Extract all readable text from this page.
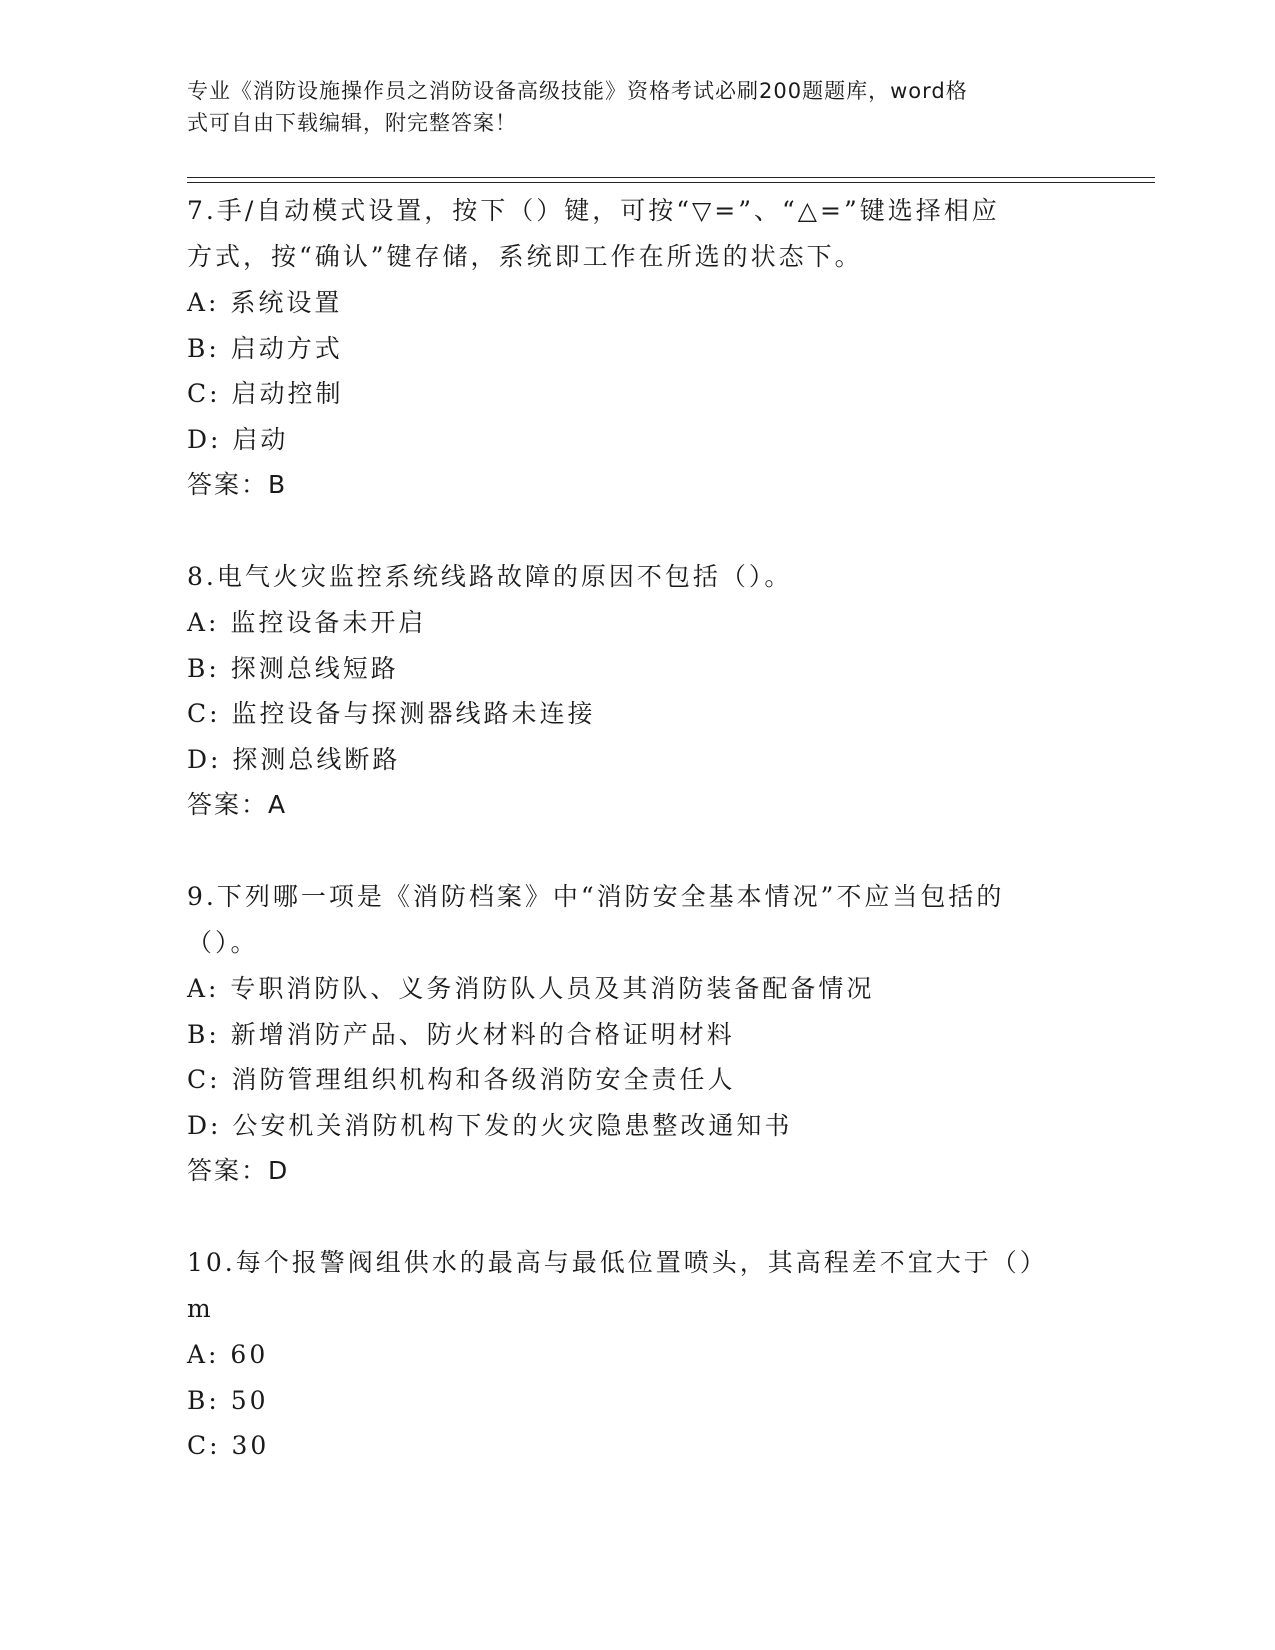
专业《消防设施操作员之消防设备高级技能》资格考试必刷200题题库，word格
式可自由下载编辑，附完整答案！
7.手/自动模式设置，按下（）键，可按“▽=”、“△=”键选择相应
方式，按“确认”键存储，系统即工作在所选的状态下。
A: 系统设置
B: 启动方式
C: 启动控制
D: 启动
答案：B
8.电气火灾监控系统线路故障的原因不包括（）。
A: 监控设备未开启
B: 探测总线短路
C: 监控设备与探测器线路未连接
D: 探测总线断路
答案：A
9.下列哪一项是《消防档案》中“消防安全基本情况”不应当包括的
（）。
A: 专职消防队、义务消防队人员及其消防装备配备情况
B: 新增消防产品、防火材料的合格证明材料
C: 消防管理组织机构和各级消防安全责任人
D: 公安机关消防机构下发的火灾隐患整改通知书
答案：D
10.每个报警阀组供水的最高与最低位置喷头，其高程差不宜大于（）
m
A: 60
B: 50
C: 30
